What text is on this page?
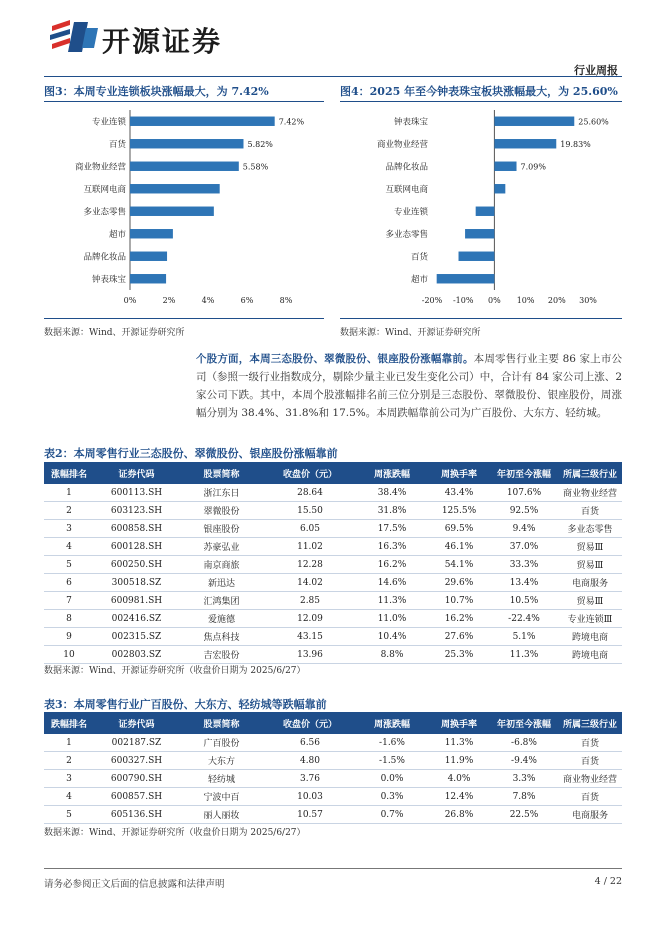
开源证券
行业周报
图3：本周专业连锁板块涨幅最大，为 7.42%
专业连锁	7.42%
百货	5.82%
商业物业经营	5.58%
互联网电商
多业态零售
超市
品牌化妆品
钟表珠宝
0%	2%	4%	6%	8%
数据来源：Wind、开源证券研究所
图4：2025 年至今钟表珠宝板块涨幅最大，为 25.60%
钟表珠宝	25.60%
商业物业经营	19.83%
品牌化妆品	7.09%
互联网电商
专业连锁
多业态零售
百货
超市
-20% -10% 0% 10% 20% 30%
数据来源：Wind、开源证券研究所
个股方面，本周三态股份、翠微股份、银座股份涨幅靠前。本周零售行业主要 86 家上市公司（参照一级行业指数成分，剔除少量主业已发生变化公司）中，合计有 84 家公司上涨、2 家公司下跌。其中，本周个股涨幅排名前三位分别是三态股份、翠微股份、银座股份，周涨幅分别为 38.4%、31.8%和 17.5%。本周跌幅靠前公司为广百股份、大东方、轻纺城。
表2：本周零售行业三态股份、翠微股份、银座股份涨幅靠前
涨幅排名	证券代码	股票简称	收盘价（元）	周涨跌幅	周换手率	年初至今涨幅	所属三级行业
1	600113.SH	浙江东日	28.64	38.4%	43.4%	107.6%	商业物业经营
2	603123.SH	翠微股份	15.50	31.8%	125.5%	92.5%	百货
3	600858.SH	银座股份	6.05	17.5%	69.5%	9.4%	多业态零售
4	600128.SH	苏豪弘业	11.02	16.3%	46.1%	37.0%	贸易Ⅲ
5	600250.SH	南京商旅	12.28	16.2%	54.1%	33.3%	贸易Ⅲ
6	300518.SZ	新迅达	14.02	14.6%	29.6%	13.4%	电商服务
7	600981.SH	汇鸿集团	2.85	11.3%	10.7%	10.5%	贸易Ⅲ
8	002416.SZ	爱施德	12.09	11.0%	16.2%	-22.4%	专业连锁Ⅲ
9	002315.SZ	焦点科技	43.15	10.4%	27.6%	5.1%	跨境电商
10	002803.SZ	吉宏股份	13.96	8.8%	25.3%	11.3%	跨境电商
数据来源：Wind、开源证券研究所（收盘价日期为 2025/6/27）
表3：本周零售行业广百股份、大东方、轻纺城等跌幅靠前
跌幅排名	证券代码	股票简称	收盘价（元）	周涨跌幅	周换手率	年初至今涨幅	所属三级行业
1	002187.SZ	广百股份	6.56	-1.6%	11.3%	-6.8%	百货
2	600327.SH	大东方	4.80	-1.5%	11.9%	-9.4%	百货
3	600790.SH	轻纺城	3.76	0.0%	4.0%	3.3%	商业物业经营
4	600857.SH	宁波中百	10.03	0.3%	12.4%	7.8%	百货
5	605136.SH	丽人丽妆	10.57	0.7%	26.8%	22.5%	电商服务
数据来源：Wind、开源证券研究所（收盘价日期为 2025/6/27）
请务必参阅正文后面的信息披露和法律声明	4 / 22
